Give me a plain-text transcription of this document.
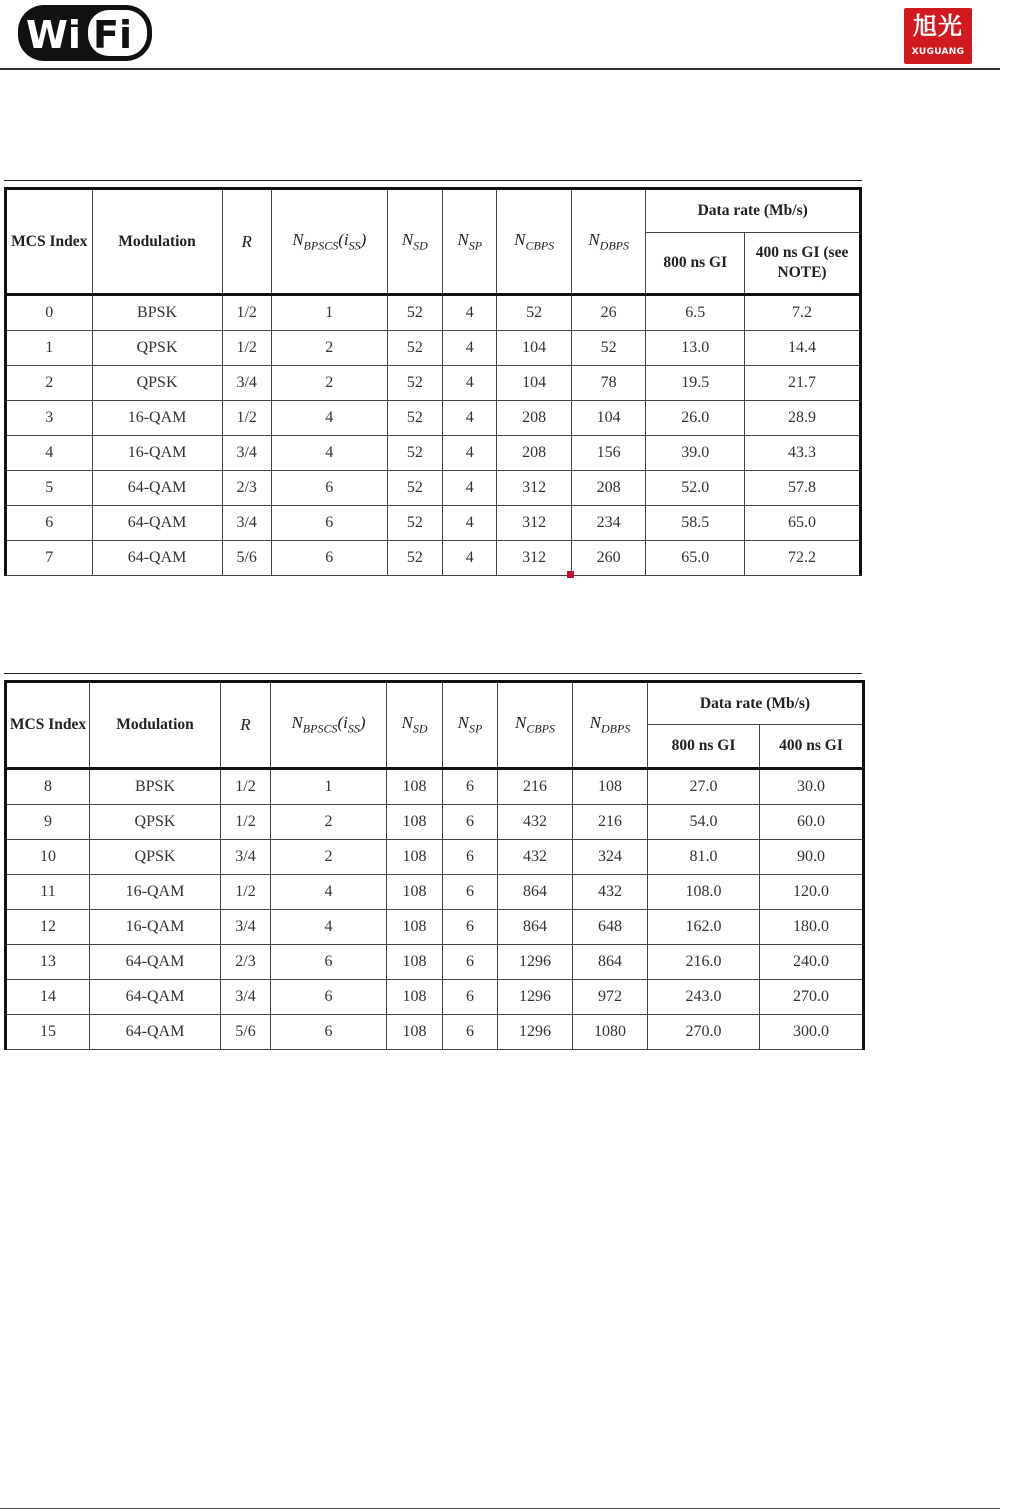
Wi Fi	旭光
XUGUANG
MCS Index	Modulation	R	$N_{BPSCS}(i_{SS})$	$N_{SD}$	$N_{SP}$	$N_{CBPS}$	$N_{DBPS}$	Data rate (Mb/s)	
								800 ns GI	400 ns GI (see NOTE)
0	BPSK	1/2	1	52	4	52	26	6.5	7.2
1	QPSK	1/2	2	52	4	104	52	13.0	14.4
2	QPSK	3/4	2	52	4	104	78	19.5	21.7
3	16-QAM	1/2	4	52	4	208	104	26.0	28.9
4	16-QAM	3/4	4	52	4	208	156	39.0	43.3
5	64-QAM	2/3	6	52	4	312	208	52.0	57.8
6	64-QAM	3/4	6	52	4	312	234	58.5	65.0
7	64-QAM	5/6	6	52	4	312	260	65.0	72.2
MCS Index	Modulation	R	$N_{BPSCS}(i_{SS})$	$N_{SD}$	$N_{SP}$	$N_{CBPS}$	$N_{DBPS}$	Data rate (Mb/s)	
								800 ns GI	400 ns GI
8	BPSK	1/2	1	108	6	216	108	27.0	30.0
9	QPSK	1/2	2	108	6	432	216	54.0	60.0
10	QPSK	3/4	2	108	6	432	324	81.0	90.0
11	16-QAM	1/2	4	108	6	864	432	108.0	120.0
12	16-QAM	3/4	4	108	6	864	648	162.0	180.0
13	64-QAM	2/3	6	108	6	1296	864	216.0	240.0
14	64-QAM	3/4	6	108	6	1296	972	243.0	270.0
15	64-QAM	5/6	6	108	6	1296	1080	270.0	300.0
